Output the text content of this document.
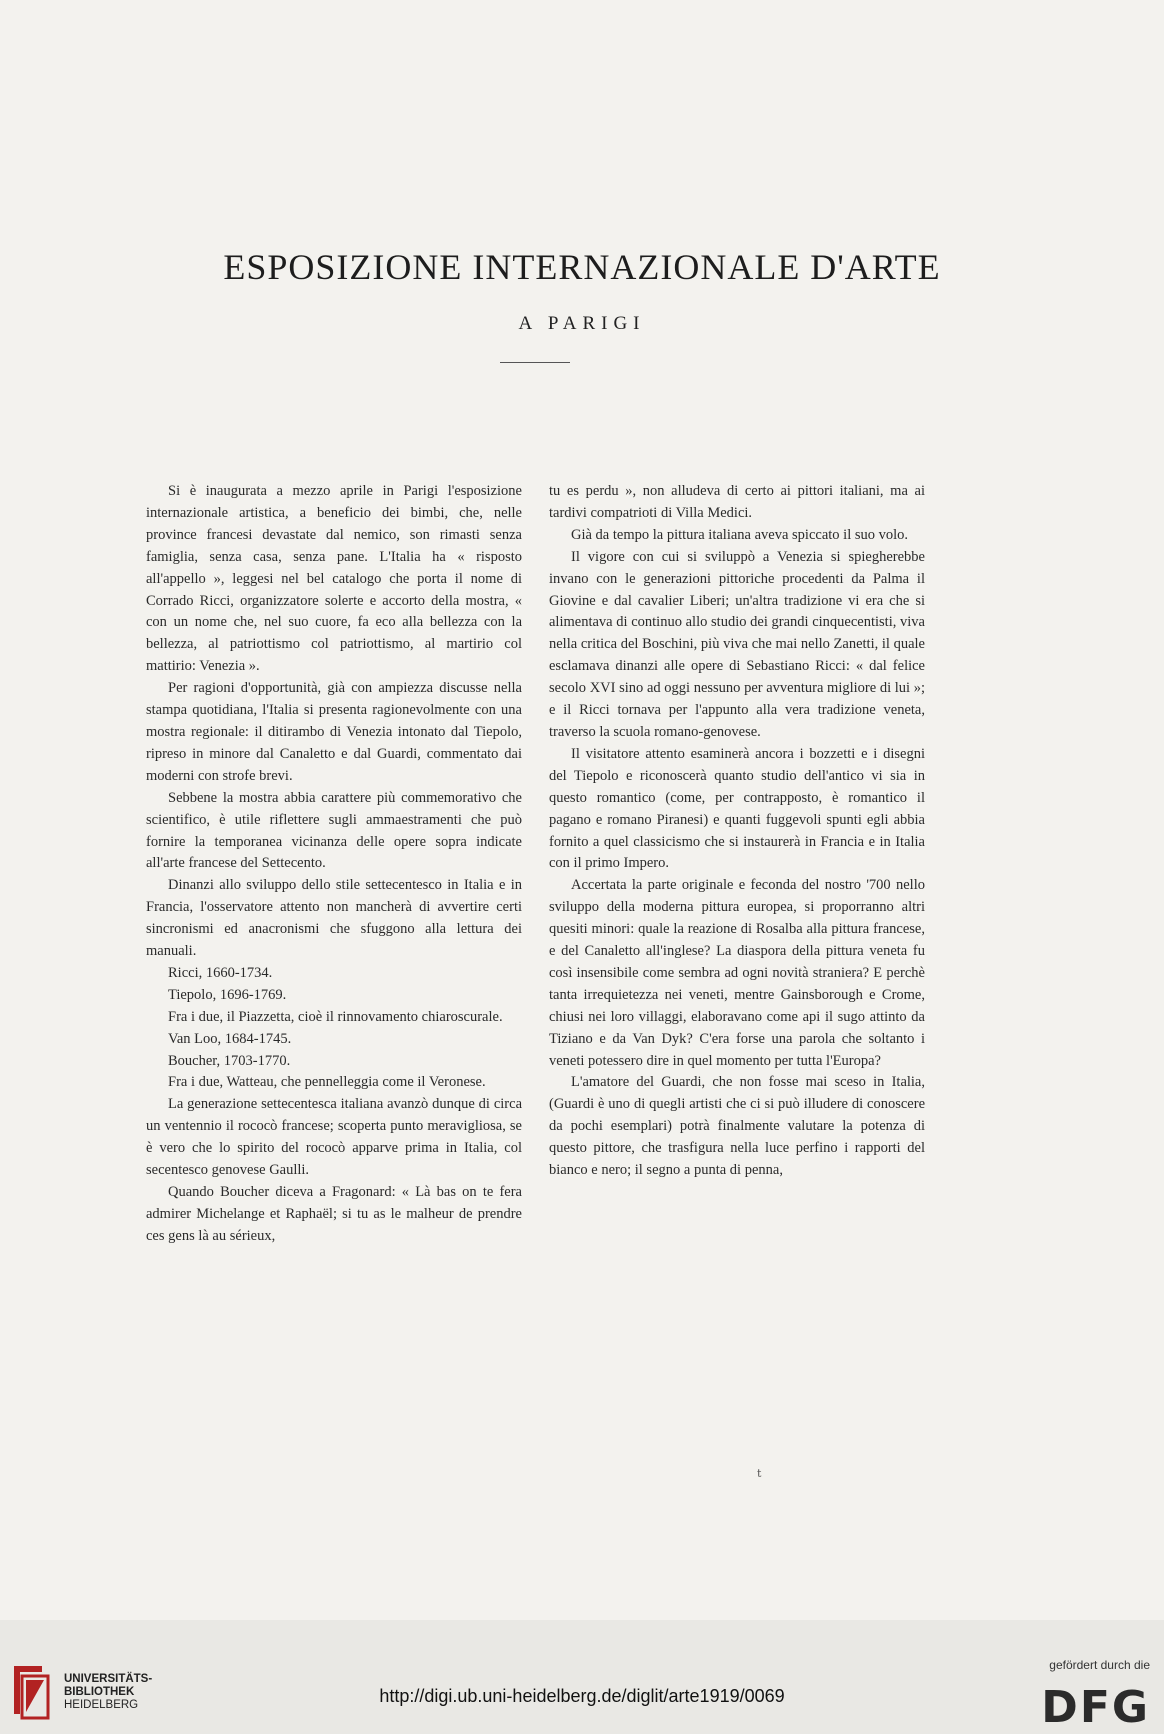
ESPOSIZIONE INTERNAZIONALE D'ARTE
A PARIGI

Si è inaugurata a mezzo aprile in Parigi l'esposizione internazionale artistica, a beneficio dei bimbi, che, nelle province francesi devastate dal nemico, son rimasti senza famiglia, senza casa, senza pane. L'Italia ha « risposto all'appello », leggesi nel bel catalogo che porta il nome di Corrado Ricci, organizzatore solerte e accorto della mostra, « con un nome che, nel suo cuore, fa eco alla bellezza con la bellezza, al patriottismo col patriottismo, al martirio col mattirio: Venezia ».

Per ragioni d'opportunità, già con ampiezza discusse nella stampa quotidiana, l'Italia si presenta ragionevolmente con una mostra regionale: il ditirambo di Venezia intonato dal Tiepolo, ripreso in minore dal Canaletto e dal Guardi, commentato dai moderni con strofe brevi.

Sebbene la mostra abbia carattere più commemorativo che scientifico, è utile riflettere sugli ammaestramenti che può fornire la temporanea vicinanza delle opere sopra indicate all'arte francese del Settecento.

Dinanzi allo sviluppo dello stile settecentesco in Italia e in Francia, l'osservatore attento non mancherà di avvertire certi sincronismi ed anacronismi che sfuggono alla lettura dei manuali.

Ricci, 1660-1734.

Tiepolo, 1696-1769.

Fra i due, il Piazzetta, cioè il rinnovamento chiaroscurale.

Van Loo, 1684-1745.

Boucher, 1703-1770.

Fra i due, Watteau, che pennelleggia come il Veronese.

La generazione settecentesca italiana avanzò dunque di circa un ventennio il rococò francese; scoperta punto meravigliosa, se è vero che lo spirito del rococò apparve prima in Italia, col secentesco genovese Gaulli.

Quando Boucher diceva a Fragonard: « Là bas on te fera admirer Michelange et Raphaël; si tu as le malheur de prendre ces gens là au sérieux,

tu es perdu », non alludeva di certo ai pittori italiani, ma ai tardivi compatrioti di Villa Medici.

Già da tempo la pittura italiana aveva spiccato il suo volo.

Il vigore con cui si sviluppò a Venezia si spiegherebbe invano con le generazioni pittoriche procedenti da Palma il Giovine e dal cavalier Liberi; un'altra tradizione vi era che si alimentava di continuo allo studio dei grandi cinquecentisti, viva nella critica del Boschini, più viva che mai nello Zanetti, il quale esclamava dinanzi alle opere di Sebastiano Ricci: « dal felice secolo XVI sino ad oggi nessuno per avventura migliore di lui »; e il Ricci tornava per l'appunto alla vera tradizione veneta, traverso la scuola romano-genovese.

Il visitatore attento esaminerà ancora i bozzetti e i disegni del Tiepolo e riconoscerà quanto studio dell'antico vi sia in questo romantico (come, per contrapposto, è romantico il pagano e romano Piranesi) e quanti fuggevoli spunti egli abbia fornito a quel classicismo che si instaurerà in Francia e in Italia con il primo Impero.

Accertata la parte originale e feconda del nostro '700 nello sviluppo della moderna pittura europea, si proporranno altri quesiti minori: quale la reazione di Rosalba alla pittura francese, e del Canaletto all'inglese? La diaspora della pittura veneta fu così insensibile come sembra ad ogni novità straniera? E perchè tanta irrequietezza nei veneti, mentre Gainsborough e Crome, chiusi nei loro villaggi, elaboravano come api il sugo attinto da Tiziano e da Van Dyk? C'era forse una parola che soltanto i veneti potessero dire in quel momento per tutta l'Europa?

L'amatore del Guardi, che non fosse mai sceso in Italia, (Guardi è uno di quegli artisti che ci si può illudere di conoscere da pochi esemplari) potrà finalmente valutare la potenza di questo pittore, che trasfigura nella luce perfino i rapporti del bianco e nero; il segno a punta di penna,

t
UNIVERSITÄTS-
BIBLIOTHEK
HEIDELBERG	http://digi.ub.uni-heidelberg.de/diglit/arte1919/0069
gefördert durch die
DFG
